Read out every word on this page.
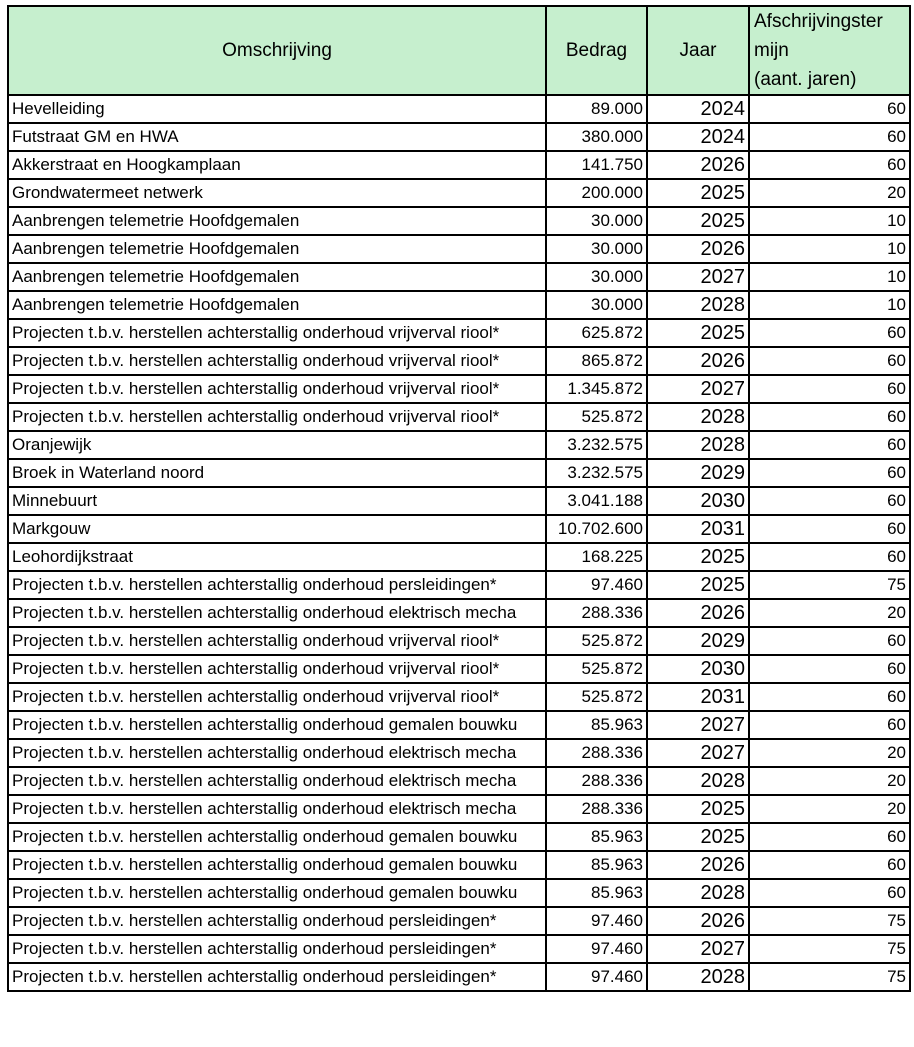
Omschrijving	Bedrag	Jaar	Afschrijvingster
mijn
(aant. jaren)

Hevelleiding	89.000	2024	60
Futstraat GM en HWA	380.000	2024	60
Akkerstraat en Hoogkamplaan	141.750	2026	60
Grondwatermeet netwerk	200.000	2025	20
Aanbrengen telemetrie Hoofdgemalen	30.000	2025	10
Aanbrengen telemetrie Hoofdgemalen	30.000	2026	10
Aanbrengen telemetrie Hoofdgemalen	30.000	2027	10
Aanbrengen telemetrie Hoofdgemalen	30.000	2028	10
Projecten t.b.v. herstellen achterstallig onderhoud vrijverval riool*	625.872	2025	60
Projecten t.b.v. herstellen achterstallig onderhoud vrijverval riool*	865.872	2026	60
Projecten t.b.v. herstellen achterstallig onderhoud vrijverval riool*	1.345.872	2027	60
Projecten t.b.v. herstellen achterstallig onderhoud vrijverval riool*	525.872	2028	60
Oranjewijk	3.232.575	2028	60
Broek in Waterland noord	3.232.575	2029	60
Minnebuurt	3.041.188	2030	60
Markgouw	10.702.600	2031	60
Leohordijkstraat	168.225	2025	60
Projecten t.b.v. herstellen achterstallig onderhoud persleidingen*	97.460	2025	75
Projecten t.b.v. herstellen achterstallig onderhoud elektrisch mecha	288.336	2026	20
Projecten t.b.v. herstellen achterstallig onderhoud vrijverval riool*	525.872	2029	60
Projecten t.b.v. herstellen achterstallig onderhoud vrijverval riool*	525.872	2030	60
Projecten t.b.v. herstellen achterstallig onderhoud vrijverval riool*	525.872	2031	60
Projecten t.b.v. herstellen achterstallig onderhoud gemalen bouwku	85.963	2027	60
Projecten t.b.v. herstellen achterstallig onderhoud elektrisch mecha	288.336	2027	20
Projecten t.b.v. herstellen achterstallig onderhoud elektrisch mecha	288.336	2028	20
Projecten t.b.v. herstellen achterstallig onderhoud elektrisch mecha	288.336	2025	20
Projecten t.b.v. herstellen achterstallig onderhoud gemalen bouwku	85.963	2025	60
Projecten t.b.v. herstellen achterstallig onderhoud gemalen bouwku	85.963	2026	60
Projecten t.b.v. herstellen achterstallig onderhoud gemalen bouwku	85.963	2028	60
Projecten t.b.v. herstellen achterstallig onderhoud persleidingen*	97.460	2026	75
Projecten t.b.v. herstellen achterstallig onderhoud persleidingen*	97.460	2027	75
Projecten t.b.v. herstellen achterstallig onderhoud persleidingen*	97.460	2028	75
